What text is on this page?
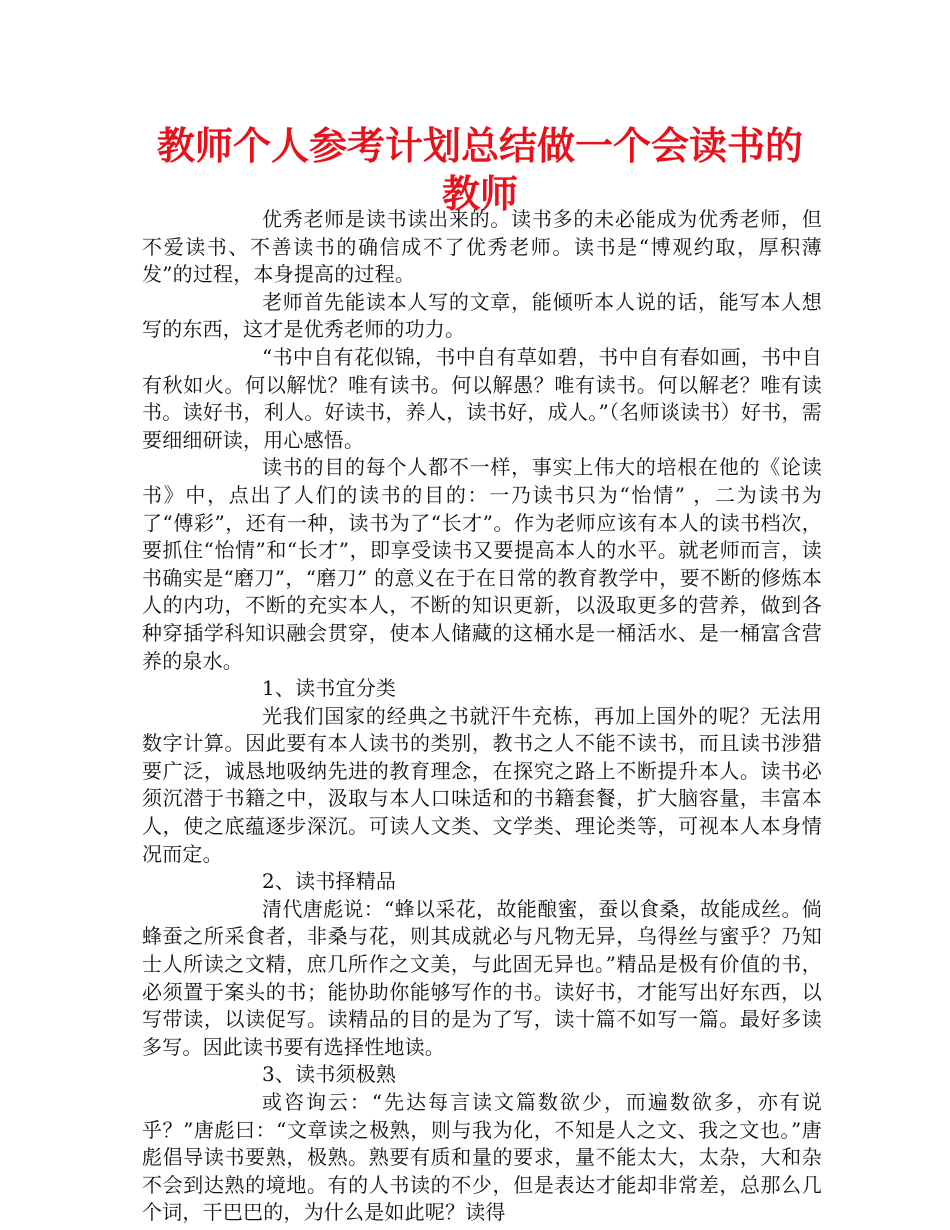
教师个人参考计划总结做一个会读书的教师

优秀老师是读书读出来的。读书多的未必能成为优秀老师，但不爱读书、不善读书的确信成不了优秀老师。读书是“博观约取，厚积薄发”的过程，本身提高的过程。

老师首先能读本人写的文章，能倾听本人说的话，能写本人想写的东西，这才是优秀老师的功力。

“书中自有花似锦，书中自有草如碧，书中自有春如画，书中自有秋如火。何以解忧？唯有读书。何以解愚？唯有读书。何以解老？唯有读书。读好书，利人。好读书，养人，读书好，成人。”（名师谈读书）好书，需要细细研读，用心感悟。

读书的目的每个人都不一样，事实上伟大的培根在他的《论读书》中，点出了人们的读书的目的：一乃读书只为“怡情” ，二为读书为了“傅彩”，还有一种，读书为了“长才”。作为老师应该有本人的读书档次，要抓住“怡情”和“长才”，即享受读书又要提高本人的水平。就老师而言，读书确实是“磨刀”，“磨刀” 的意义在于在日常的教育教学中，要不断的修炼本人的内功，不断的充实本人，不断的知识更新，以汲取更多的营养，做到各种穿插学科知识融会贯穿，使本人储藏的这桶水是一桶活水、是一桶富含营养的泉水。

1、读书宜分类

光我们国家的经典之书就汗牛充栋，再加上国外的呢？无法用数字计算。因此要有本人读书的类别，教书之人不能不读书，而且读书涉猎要广泛，诚恳地吸纳先进的教育理念，在探究之路上不断提升本人。读书必须沉潜于书籍之中，汲取与本人口味适和的书籍套餐，扩大脑容量，丰富本人，使之底蕴逐步深沉。可读人文类、文学类、理论类等，可视本人本身情况而定。

2、读书择精品

清代唐彪说：“蜂以采花，故能酿蜜，蚕以食桑，故能成丝。倘蜂蚕之所采食者，非桑与花，则其成就必与凡物无异，乌得丝与蜜乎？乃知士人所读之文精，庶几所作之文美，与此固无异也。”精品是极有价值的书，必须置于案头的书；能协助你能够写作的书。读好书，才能写出好东西，以写带读，以读促写。读精品的目的是为了写，读十篇不如写一篇。最好多读多写。因此读书要有选择性地读。

3、读书须极熟

或咨询云：“先达每言读文篇数欲少，而遍数欲多，亦有说乎？”唐彪曰：“文章读之极熟，则与我为化，不知是人之文、我之文也。”唐彪倡导读书要熟，极熟。熟要有质和量的要求，量不能太大，太杂，大和杂不会到达熟的境地。有的人书读的不少，但是表达才能却非常差，总那么几个词，干巴巴的，为什么是如此呢？读得
